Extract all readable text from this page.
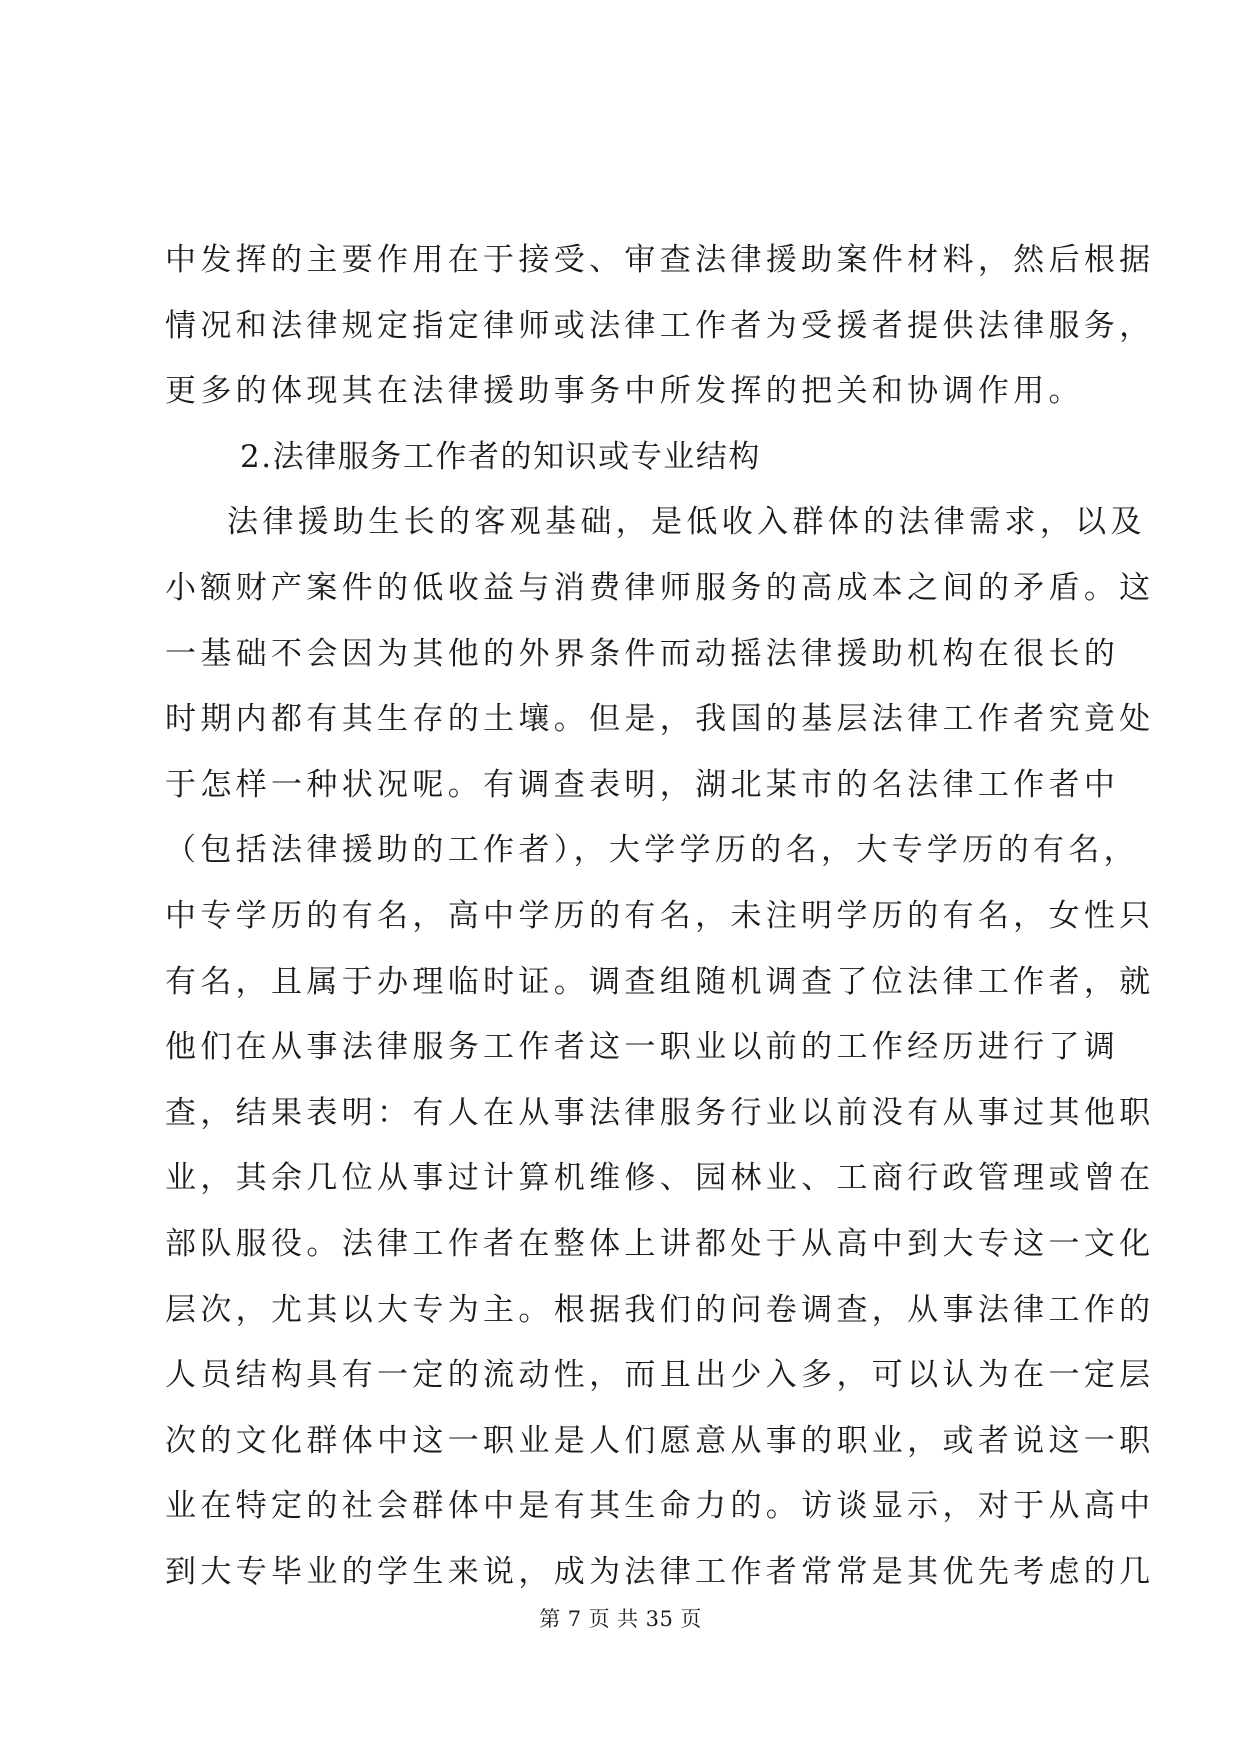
中发挥的主要作用在于接受、审查法律援助案件材料，然后根据
情况和法律规定指定律师或法律工作者为受援者提供法律服务，
更多的体现其在法律援助事务中所发挥的把关和协调作用。
2.法律服务工作者的知识或专业结构
法律援助生长的客观基础，是低收入群体的法律需求，以及
小额财产案件的低收益与消费律师服务的高成本之间的矛盾。这
一基础不会因为其他的外界条件而动摇法律援助机构在很长的
时期内都有其生存的土壤。但是，我国的基层法律工作者究竟处
于怎样一种状况呢。有调查表明，湖北某市的名法律工作者中
（包括法律援助的工作者），大学学历的名，大专学历的有名，
中专学历的有名，高中学历的有名，未注明学历的有名，女性只
有名，且属于办理临时证。调查组随机调查了位法律工作者，就
他们在从事法律服务工作者这一职业以前的工作经历进行了调
查，结果表明：有人在从事法律服务行业以前没有从事过其他职
业，其余几位从事过计算机维修、园林业、工商行政管理或曾在
部队服役。法律工作者在整体上讲都处于从高中到大专这一文化
层次，尤其以大专为主。根据我们的问卷调查，从事法律工作的
人员结构具有一定的流动性，而且出少入多，可以认为在一定层
次的文化群体中这一职业是人们愿意从事的职业，或者说这一职
业在特定的社会群体中是有其生命力的。访谈显示，对于从高中
到大专毕业的学生来说，成为法律工作者常常是其优先考虑的几
第 7 页 共 35 页
